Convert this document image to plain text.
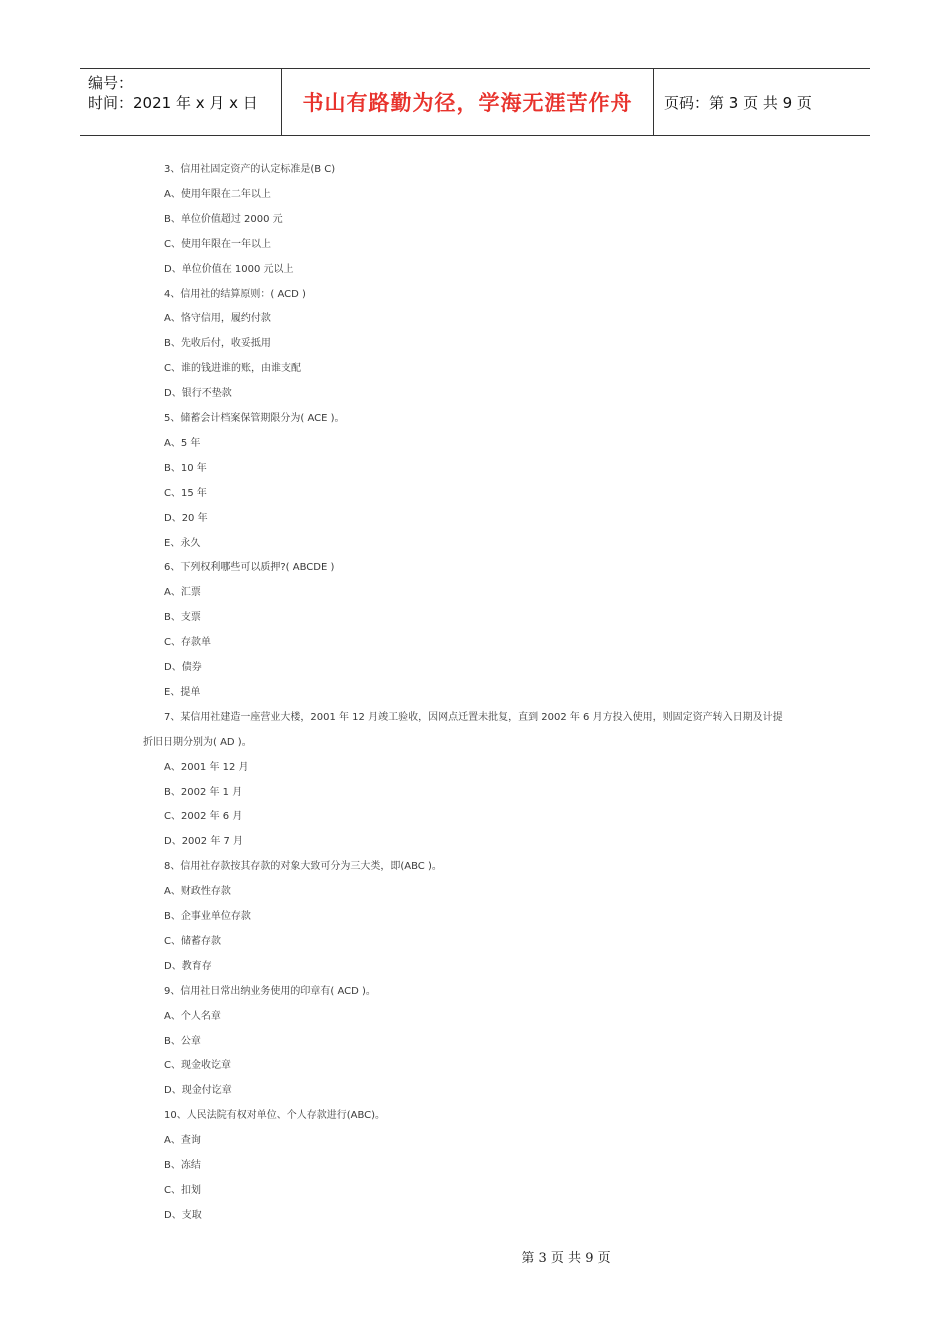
编号：
时间：2021 年 x 月 x 日	书山有路勤为径，学海无涯苦作舟	页码：第 3 页 共 9 页
3、信用社固定资产的认定标准是(B C)
A、使用年限在二年以上
B、单位价值超过 2000 元
C、使用年限在一年以上
D、单位价值在 1000 元以上
4、信用社的结算原则：( ACD )
A、恪守信用，履约付款
B、先收后付，收妥抵用
C、谁的钱进谁的账，由谁支配
D、银行不垫款
5、储蓄会计档案保管期限分为( ACE )。
A、5 年
B、10 年
C、15 年
D、20 年
E、永久
6、下列权利哪些可以质押?( ABCDE )
A、汇票
B、支票
C、存款单
D、债券
E、提单
7、某信用社建造一座营业大楼，2001 年 12 月竣工验收，因网点迁置未批复，直到 2002 年 6 月方投入使用，则固定资产转入日期及计提
折旧日期分别为( AD )。
A、2001 年 12 月
B、2002 年 1 月
C、2002 年 6 月
D、2002 年 7 月
8、信用社存款按其存款的对象大致可分为三大类，即(ABC )。
A、财政性存款
B、企事业单位存款
C、储蓄存款
D、教育存
9、信用社日常出纳业务使用的印章有( ACD )。
A、个人名章
B、公章
C、现金收讫章
D、现金付讫章
10、人民法院有权对单位、个人存款进行(ABC)。
A、查询
B、冻结
C、扣划
D、支取
第 3 页 共 9 页
